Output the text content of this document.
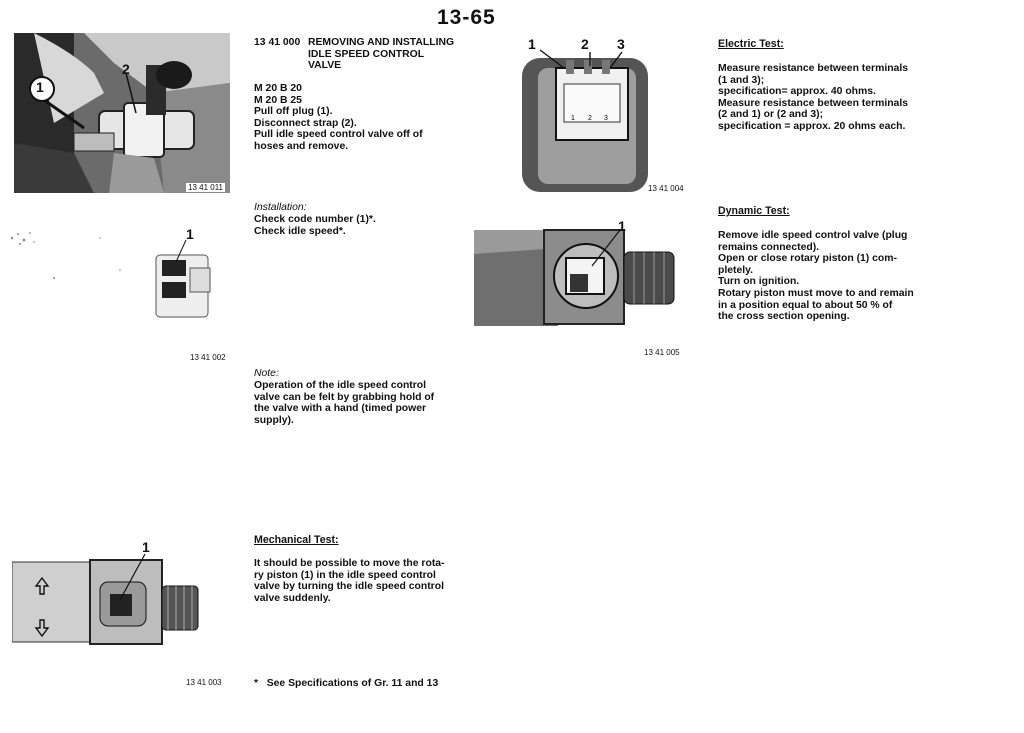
13-65
1
2
13 41 011
1
13 41 002
1
13 41 003
1 2 3
1	2 3
13 41 004
1
13 41 005
13 41 000 REMOVING AND INSTALLING
IDLE SPEED CONTROL
VALVE
M 20 B 20
M 20 B 25
Pull off plug (1).
Disconnect strap (2).
Pull idle speed control valve off of
hoses and remove.
Installation:
Check code number (1)*.
Check idle speed*.
Note:
Operation of the idle speed control
valve can be felt by grabbing hold of
the valve with a hand (timed power
supply).
Mechanical Test:
It should be possible to move the rota-
ry piston (1) in the idle speed control
valve by turning the idle speed control
valve suddenly.
*   See Specifications of Gr. 11 and 13
Electric Test:
Measure resistance between terminals
(1 and 3);
specification= approx. 40 ohms.
Measure resistance between terminals
(2 and 1) or (2 and 3);
specification = approx. 20 ohms each.
Dynamic Test:
Remove idle speed control valve (plug
remains connected).
Open or close rotary piston (1) com-
pletely.
Turn on ignition.
Rotary piston must move to and remain
in a position equal to about 50 % of
the cross section opening.
